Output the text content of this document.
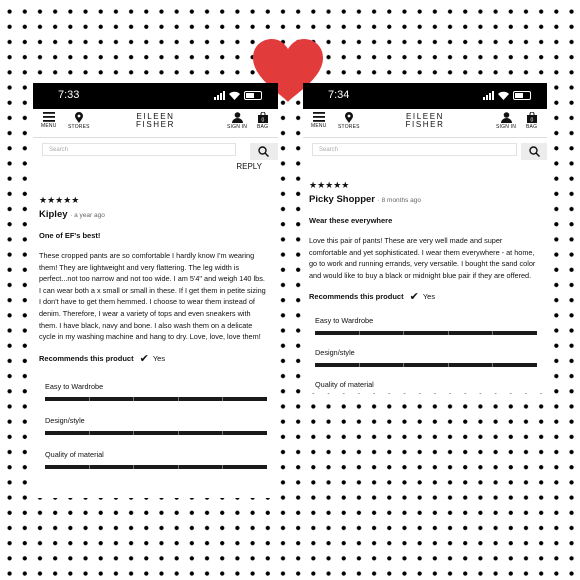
7:33
MENU STORES
EILEEN
FISHER	SIGN IN
0
BAG
Search
REPLY
★★★★★
Kipley · a year ago
One of EF's best!
These cropped pants are so comfortable I hardly know I'm wearing them! They are lightweight and very flattering. The leg width is perfect...not too narrow and not too wide. I am 5'4" and weigh 140 lbs. I can wear both a x small or small in these. If I get them in petite sizing I don't have to get them hemmed. I choose to wear them instead of denim. Therefore, I wear a variety of tops and even sneakers with them. I have black, navy and bone. I also wash them on a delicate cycle in my washing machine and hang to dry. Love, love, love them!
Recommends this product ✔ Yes
Easy to Wardrobe
Design/style
Quality of material
7:34
MENU STORES
EILEEN
FISHER	SIGN IN
0
BAG
Search
★★★★★
Picky Shopper · 8 months ago
Wear these everywhere
Love this pair of pants! These are very well made and super comfortable and yet sophisticated. I wear them everywhere - at home, go to work and running errands, very versatile. I bought the sand color and would like to buy a black or midnight blue pair if they are offered.
Recommends this product ✔ Yes
Easy to Wardrobe
Design/style
Quality of material
